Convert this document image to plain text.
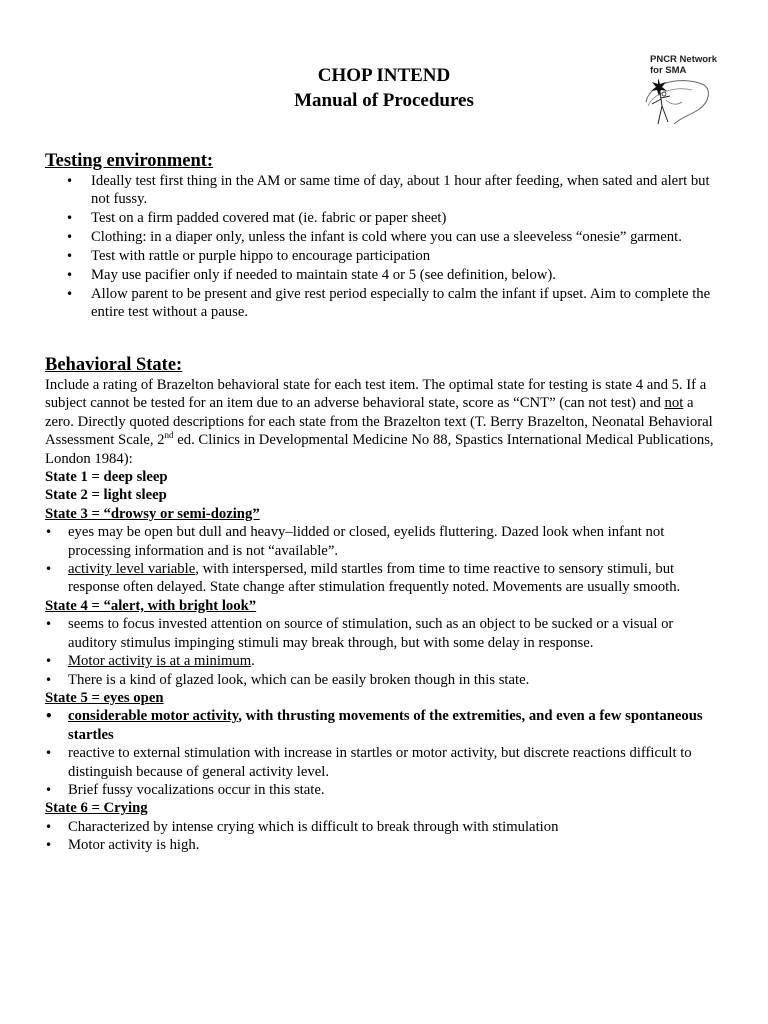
PNCR Network
for SMA
CHOP INTEND
Manual of Procedures
Testing environment:
• Ideally test first thing in the AM or same time of day, about 1 hour after feeding, when sated and alert but not fussy.
• Test on a firm padded covered mat (ie. fabric or paper sheet)
• Clothing: in a diaper only, unless the infant is cold where you can use a sleeveless “onesie” garment.
• Test with rattle or purple hippo to encourage participation
• May use pacifier only if needed to maintain state 4 or 5 (see definition, below).
• Allow parent to be present and give rest period especially to calm the infant if upset. Aim to complete the entire test without a pause.
Behavioral State:

Include a rating of Brazelton behavioral state for each test item. The optimal state for testing is state 4 and 5. If a subject cannot be tested for an item due to an adverse behavioral state, score as “CNT” (can not test) and not a zero. Directly quoted descriptions for each state from the Brazelton text (T. Berry Brazelton, Neonatal Behavioral Assessment Scale, 2nd ed. Clinics in Developmental Medicine No 88, Spastics International Medical Publications, London 1984):

State 1 = deep sleep

State 2 = light sleep

State 3 = “drowsy or semi-dozing”

• eyes may be open but dull and heavy–lidded or closed, eyelids fluttering. Dazed look when infant not processing information and is not “available”.
• activity level variable, with interspersed, mild startles from time to time reactive to sensory stimuli, but response often delayed. State change after stimulation frequently noted. Movements are usually smooth.

State 4 = “alert, with bright look”

• seems to focus invested attention on source of stimulation, such as an object to be sucked or a visual or auditory stimulus impinging stimuli may break through, but with some delay in response.
• Motor activity is at a minimum.
• There is a kind of glazed look, which can be easily broken though in this state.

State 5 = eyes open

• considerable motor activity, with thrusting movements of the extremities, and even a few spontaneous startles
• reactive to external stimulation with increase in startles or motor activity, but discrete reactions difficult to distinguish because of general activity level.
• Brief fussy vocalizations occur in this state.

State 6 = Crying

• Characterized by intense crying which is difficult to break through with stimulation
• Motor activity is high.
